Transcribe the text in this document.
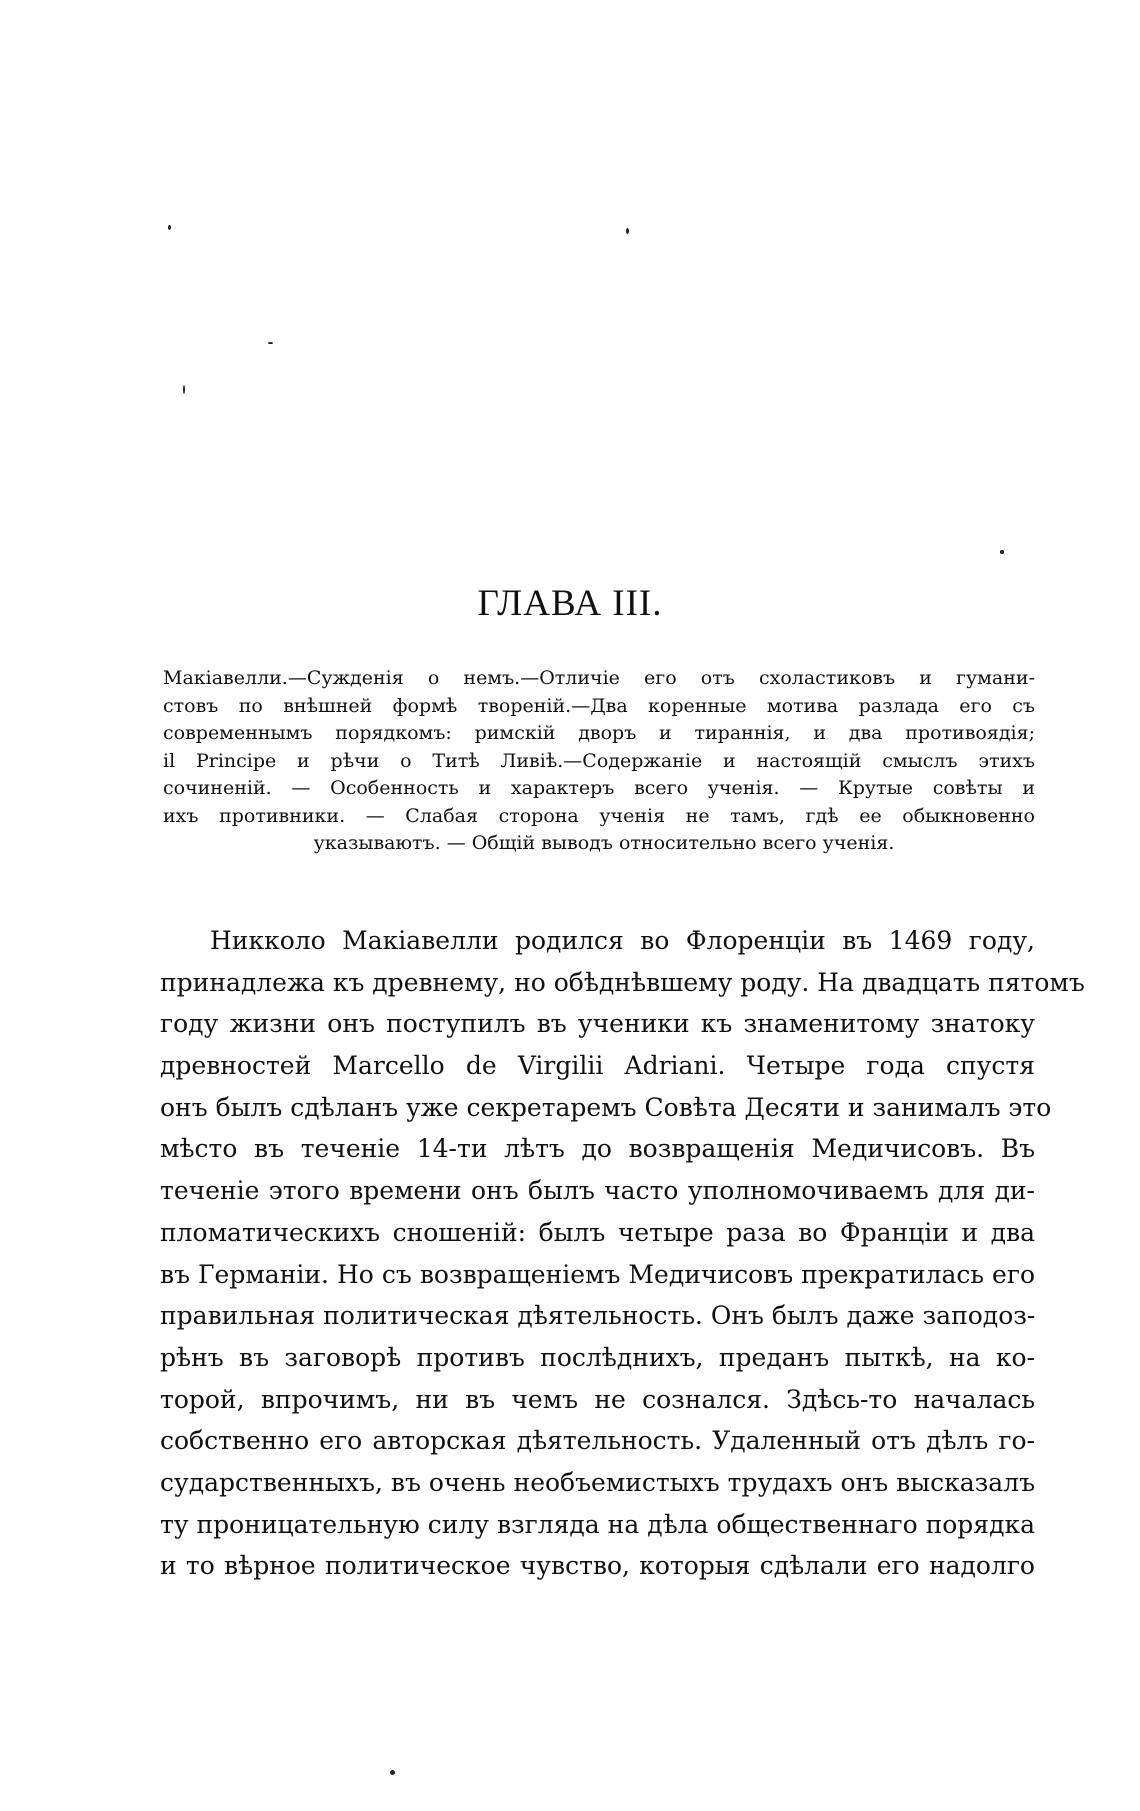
ГЛАВА III.
Макіавелли.—Сужденія о немъ.—Отличіе его отъ схоластиковъ и гумани-
стовъ по внѣшней формѣ твореній.—Два коренные мотива разлада его съ
современнымъ порядкомъ: римскій дворъ и тираннія, и два противоядія;
il Principe и рѣчи о Титѣ Ливіѣ.—Содержаніе и настоящій смыслъ этихъ
сочиненій. — Особенность и характеръ всего ученія. — Крутые совѣты и
ихъ противники. — Слабая сторона ученія не тамъ, гдѣ ее обыкновенно
указываютъ. — Общій выводъ относительно всего ученія.
Никколо Макіавелли родился во Флоренціи въ 1469 году,
принадлежа къ древнему, но обѣднѣвшему роду. На двадцать пятомъ
году жизни онъ поступилъ въ ученики къ знаменитому знатоку
древностей Marcello de Virgilii Adriani. Четыре года спустя
онъ былъ сдѣланъ уже секретаремъ Совѣта Десяти и занималъ это
мѣсто въ теченіе 14-ти лѣтъ до возвращенія Медичисовъ. Въ
теченіе этого времени онъ былъ часто уполномочиваемъ для ди-
пломатическихъ сношеній: былъ четыре раза во Франціи и два
въ Германіи. Но съ возвращеніемъ Медичисовъ прекратилась его
правильная политическая дѣятельность. Онъ былъ даже заподоз-
рѣнъ въ заговорѣ противъ послѣднихъ, преданъ пыткѣ, на ко-
торой, впрочимъ, ни въ чемъ не сознался. Здѣсь-то началась
собственно его авторская дѣятельность. Удаленный отъ дѣлъ го-
сударственныхъ, въ очень необъемистыхъ трудахъ онъ высказалъ
ту проницательную силу взгляда на дѣла общественнаго порядка
и то вѣрное политическое чувство, которыя сдѣлали его надолго
